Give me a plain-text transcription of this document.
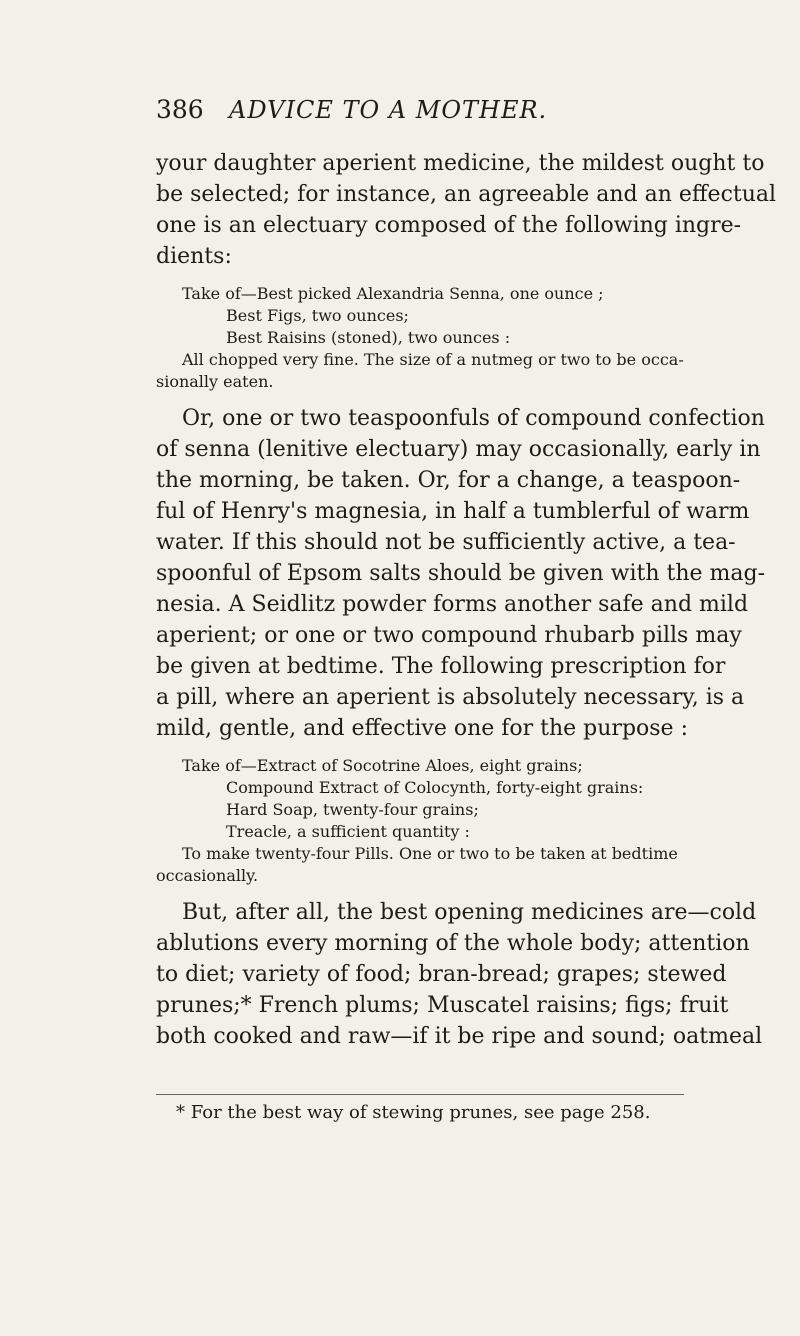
386 ADVICE TO A MOTHER.

your daughter aperient medicine, the mildest ought to
be selected; for instance, an agreeable and an effectual
one is an electuary composed of the following ingre-
dients:

Take of—Best picked Alexandria Senna, one ounce ;
Best Figs, two ounces;
Best Raisins (stoned), two ounces :
All chopped very fine. The size of a nutmeg or two to be occa-
sionally eaten.

Or, one or two teaspoonfuls of compound confection
of senna (lenitive electuary) may occasionally, early in
the morning, be taken. Or, for a change, a teaspoon-
ful of Henry's magnesia, in half a tumblerful of warm
water. If this should not be sufficiently active, a tea-
spoonful of Epsom salts should be given with the mag-
nesia. A Seidlitz powder forms another safe and mild
aperient; or one or two compound rhubarb pills may
be given at bedtime. The following prescription for
a pill, where an aperient is absolutely necessary, is a
mild, gentle, and effective one for the purpose :

Take of—Extract of Socotrine Aloes, eight grains;
Compound Extract of Colocynth, forty-eight grains:
Hard Soap, twenty-four grains;
Treacle, a sufficient quantity :
To make twenty-four Pills. One or two to be taken at bedtime
occasionally.

But, after all, the best opening medicines are—cold
ablutions every morning of the whole body; attention
to diet; variety of food; bran-bread; grapes; stewed
prunes;* French plums; Muscatel raisins; figs; fruit
both cooked and raw—if it be ripe and sound; oatmeal

* For the best way of stewing prunes, see page 258.
